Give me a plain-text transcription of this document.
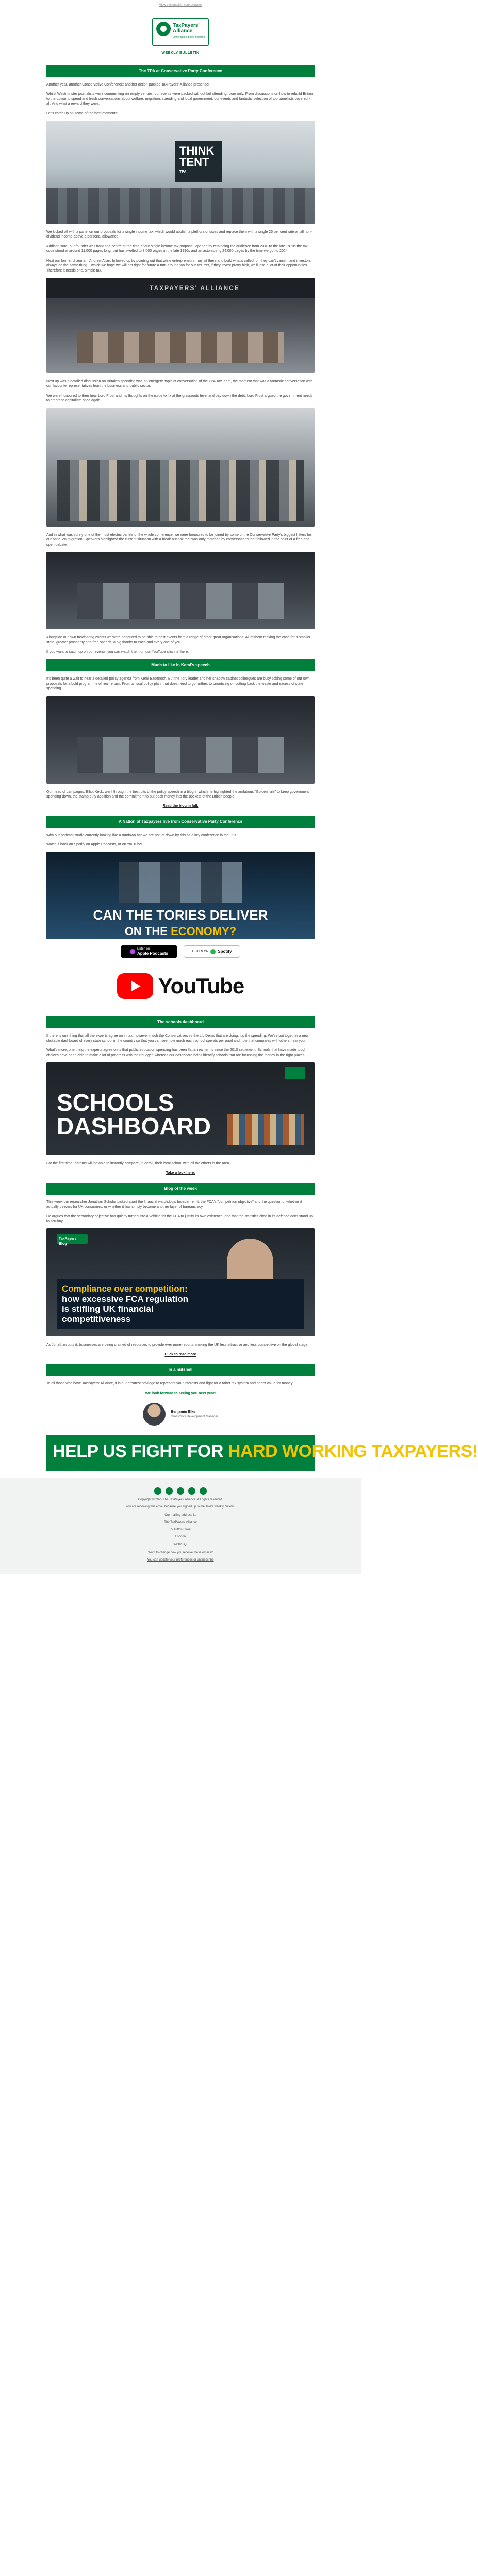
View this email in your browser
TaxPayers'
Alliance
Lower taxes, better services
WEEKLY BULLETIN
The TPA at Conservative Party Conference

Another year, another Conservative Conference: another action-packed TaxPayers' Alliance presence!

Whilst Westminster journalists were commenting on empty venues, our events were packed without fail attending room only. From discussions on how to rebuild Britain to the option to spend and fresh conversations about welfare, migration, spending and local government, our events and fantastic selection of top panellists covered it all. And what a reward they were.

Let's catch up on some of the best moments!

THINK
TENT
TPA

We kicked off with a panel on our proposals for a single income tax, which would abolish a plethora of taxes and replace them with a single 25 per cent rate on all non-dividend income above a personal allowance.

Addition sure, our founder was front and centre at the time of our single income tax proposal, opened by reminding the audience from 2010 to the late 1970s the tax code stood at around 11,000 pages long, but has swelled to 7,000 pages in the late 1990s and an astonishing 24,000 pages by the time we got to 2024.

Next our former chairman, Andrew Allan, followed up by pointing out that while entrepreneurs may sit there and build what's called for, they can't vanish, and investors always do the same thing... which we hope we will get right for future a turn around too for our tax. Yet, if they invest pretty high, we'll lose a lot of their opportunities. Therefore it needs one, simple tax.

TAXPAYERS' ALLIANCE

Next up was a detailed discussion on Britain's spending war, an energetic topic of conversation of the TPA TaxTeam, the moment that was a fantastic conversation with our favourite representatives from the business and public sector.

We were honoured to then hear Lord Frost and his thoughts on the issue to fix at the grassroots level and pay down the debt. Lord Frost argued the government needs to embrace capitalism once again.

And in what was surely one of the most electric panels of the whole conference, we were honoured to be joined by some of the Conservative Party's biggest hitters for our panel on migration. Speakers highlighted the current situation with a bleak outlook that was only matched by conversations that followed in the spirit of a free and open debate.

Alongside our own fascinating events we were honoured to be able to host events from a range of other great organisations: All of them making the case for a smaller state, greater prosperity and free speech, a big thanks to each and every one of you.

If you want to catch up on our events, you can watch them on our YouTube channel here.

Much to like in Kemi's speech

It's been quite a wait to hear a detailed policy agenda from Kemi Badenoch. But the Tory leader and her shadow cabinet colleagues are busy ticking some of our own proposals for a bold programme of real reform. From a fiscal policy plan, that does need to go further, to prioritizing on cutting back the waste and excess of state spending.

Our head of campaigns, Elliot Keck, went through the best bits of the policy speech in a blog in which he highlighted the ambitious "Golden rule" to keep government spending down, the stamp duty abolition and the commitment to put back money into the pockets of the British people.

Read the blog in full.
A Nation of Taxpayers live from Conservative Party Conference

With our podcast studio currently looking like a rundown bar we are not let down by this as a key conference in the UK!

Watch it back on Spotify on Apple Podcasts, or on YouTube!

CAN THE TORIES DELIVER
ON THE ECONOMY?
Listen on
Apple Podcasts	LISTEN ON Spotify
YouTube
The schools dashboard

If there is one thing that all the experts agree on in tax, however much the Conservatives vs the Lib Dems that are doing, it's the spending. We've put together a new clickable dashboard of every state school in the country so that you can see how much each school spends per pupil and how that compares with others near you.

What's more, one thing the experts agree on is that public education spending has been flat in real terms since the 2010 settlement. Schools that have made tough choices have been able to make a lot of progress with their budget, whereas our dashboard helps identify schools that are focussing the money in the right places.

SCHOOLS DASHBOARD

For the first time, parents will be able to instantly compare, in detail, their local school with all the others in the area.

Take a look here.
Blog of the week

This week our researcher Jonathan Scholar picked apart the financial watchdog's broader remit: the FCA's "competition objective" and the question of whether it actually delivers for UK consumers, or whether it has simply become another layer of bureaucracy.

He argues that the secondary objective has quietly turned into a vehicle for the FCA to justify its own existence, and that the statistics cited in its defence don't stand up to scrutiny.

TaxPayers' Blog
Compliance over competition:
how excessive FCA regulation
is stifling UK financial
competitiveness

As Jonathan puts it: businesses are being drained of resources to provide ever more reports, making the UK less attractive and less competitive on the global stage.

Click to read more
In a nutshell

To all those who have TaxPayers' Alliance, it is our greatest privilege to represent your interests and fight for a fairer tax system and better value for money.

We look forward to seeing you next year!

Benjamin Elks
Grassroots Development Manager
HELP US FIGHT FOR HARD WORKING TAXPAYERS!

Copyright © 2025 The TaxPayers' Alliance, All rights reserved.

You are receiving this email because you signed up to the TPA's weekly bulletin.

Our mailing address is:

The TaxPayers' Alliance

55 Tufton Street

London

SW1P 3QL

Want to change how you receive these emails?

You can update your preferences or unsubscribe
